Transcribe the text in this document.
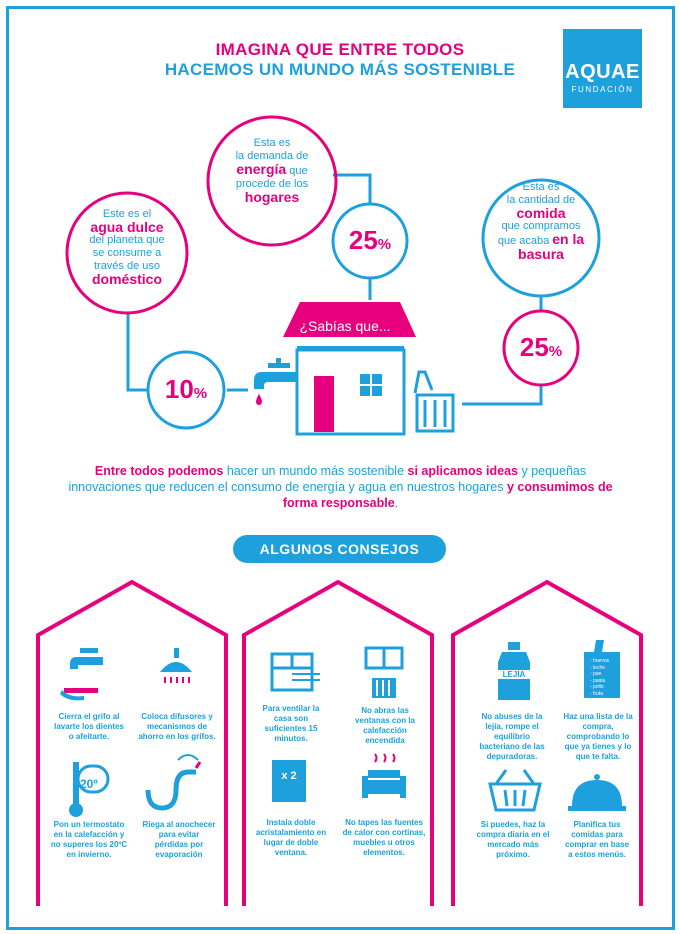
IMAGINA QUE ENTRE TODOS
HACEMOS UN MUNDO MÁS SOSTENIBLE	AQUAE
FUNDACIÓN
Este es el
agua dulce
del planeta que
se consume a
través de uso
doméstico
10%
Esta es
la demanda de
energía que
procede de los
hogares
25%
Esta es
la cantidad de
comida
que compramos
que acaba en la
basura
25%
¿Sabías que...
Entre todos podemos hacer un mundo más sostenible si aplicamos ideas y pequeñas innovaciones que reducen el consumo de energía y agua en nuestros hogares y consumimos de forma responsable.
ALGUNOS CONSEJOS
20º
x 2
LEJÍA
- huevos
- leche
- pan
- pasta
- pollo
- fruta
Cierra el grifo al lavarte los dientes o afeitarte.
Coloca difusores y mecanismos de ahorro en los grifos.
Pon un termostato en la calefacción y no superes los 20ºC en invierno.
Riega al anochecer para evitar pérdidas por evaporación
Para ventilar la casa son suficientes 15 minutos.
No abras las ventanas con la calefacción encendida
Instala doble acristalamiento en lugar de doble ventana.
No tapes las fuentes de calor con cortinas, muebles u otros elementos.
No abuses de la lejía, rompe el equilibrio bacteriano de las depuradoras.
Haz una lista de la compra, comprobando lo que ya tienes y lo que te falta.
Si puedes, haz la compra diaria en el mercado más próximo.
Planifica tus comidas para comprar en base a estos menús.
